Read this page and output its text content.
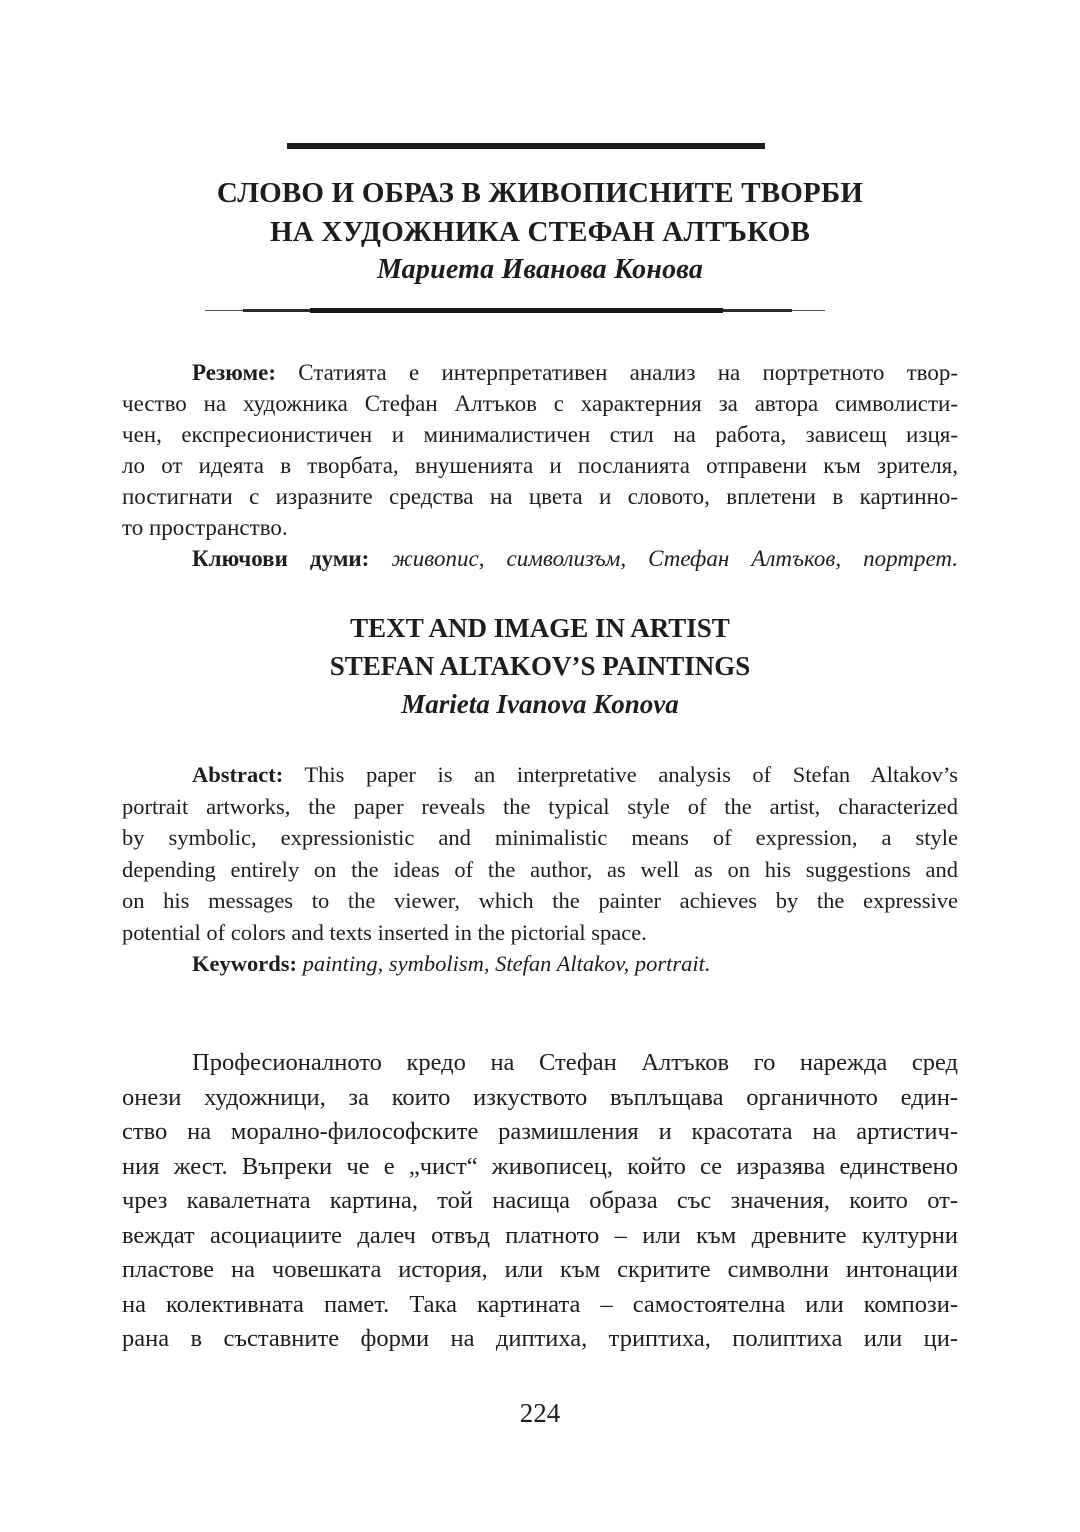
СЛОВО И ОБРАЗ В ЖИВОПИСНИТЕ ТВОРБИ
НА ХУДОЖНИКА СТЕФАН АЛТЪКОВ
Мариета Иванова Конова
Резюме: Статията е интерпретативен анализ на портретното твор-
чество на художника Стефан Алтъков с характерния за автора символисти-
чен, експресионистичен и минималистичен стил на работа, зависещ изця-
ло от идеята в творбата, внушенията и посланията отправени към зрителя,
постигнати с изразните средства на цвета и словото, вплетени в картинно-
то пространство.
Ключови думи: живопис, символизъм, Стефан Алтъков, портрет.
TEXT AND IMAGE IN ARTIST
STEFAN ALTAKOV’S PAINTINGS
Marieta Ivanova Konova
Abstract: This paper is an interpretative analysis of Stefan Altakov’s
portrait artworks, the paper reveals the typical style of the artist, characterized
by symbolic, expressionistic and minimalistic means of expression, a style
depending entirely on the ideas of the author, as well as on his suggestions and
on his messages to the viewer, which the painter achieves by the expressive
potential of colors and texts inserted in the pictorial space.
Keywords: painting, symbolism, Stefan Altakov, portrait.
Професионалното кредо на Стефан Алтъков го нарежда сред
онези художници, за които изкуството въплъщава органичното един-
ство на морално-философските размишления и красотата на артистич-
ния жест. Въпреки че е „чист“ живописец, който се изразява единствено
чрез кавалетната картина, той насища образа със значения, които от-
веждат асоциациите далеч отвъд платното – или към древните културни
пластове на човешката история, или към скритите символни интонации
на колективната памет. Така картината – самостоятелна или компози-
рана в съставните форми на диптиха, триптиха, полиптиха или ци-
224
